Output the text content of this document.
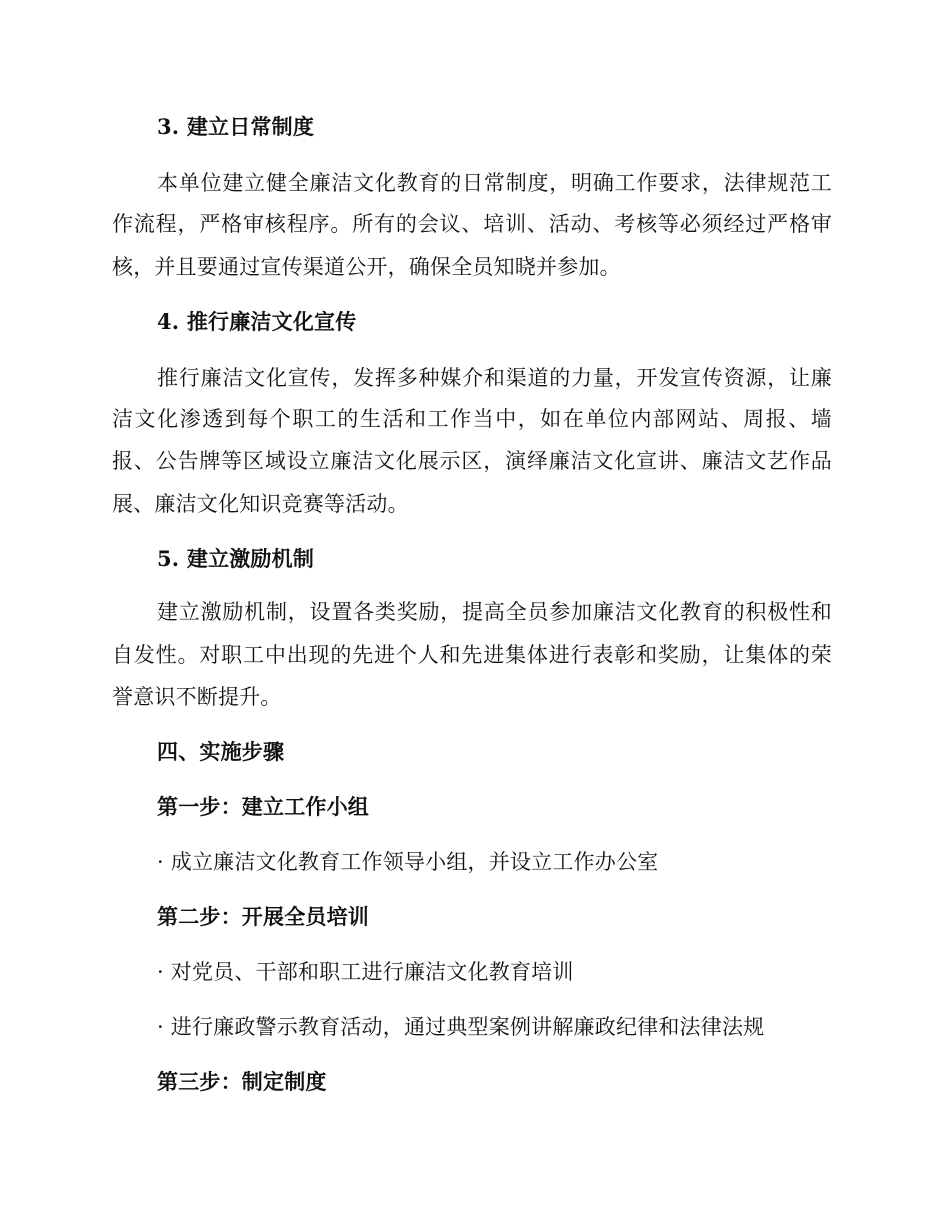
3. 建立日常制度
本单位建立健全廉洁文化教育的日常制度，明确工作要求，法律规范工
作流程，严格审核程序。所有的会议、培训、活动、考核等必须经过严格审
核，并且要通过宣传渠道公开，确保全员知晓并参加。
4. 推行廉洁文化宣传
推行廉洁文化宣传，发挥多种媒介和渠道的力量，开发宣传资源，让廉
洁文化渗透到每个职工的生活和工作当中，如在单位内部网站、周报、墙
报、公告牌等区域设立廉洁文化展示区，演绎廉洁文化宣讲、廉洁文艺作品
展、廉洁文化知识竞赛等活动。
5. 建立激励机制
建立激励机制，设置各类奖励，提高全员参加廉洁文化教育的积极性和
自发性。对职工中出现的先进个人和先进集体进行表彰和奖励，让集体的荣
誉意识不断提升。
四、实施步骤
第一步：建立工作小组
· 成立廉洁文化教育工作领导小组，并设立工作办公室
第二步：开展全员培训
· 对党员、干部和职工进行廉洁文化教育培训
· 进行廉政警示教育活动，通过典型案例讲解廉政纪律和法律法规
第三步：制定制度
